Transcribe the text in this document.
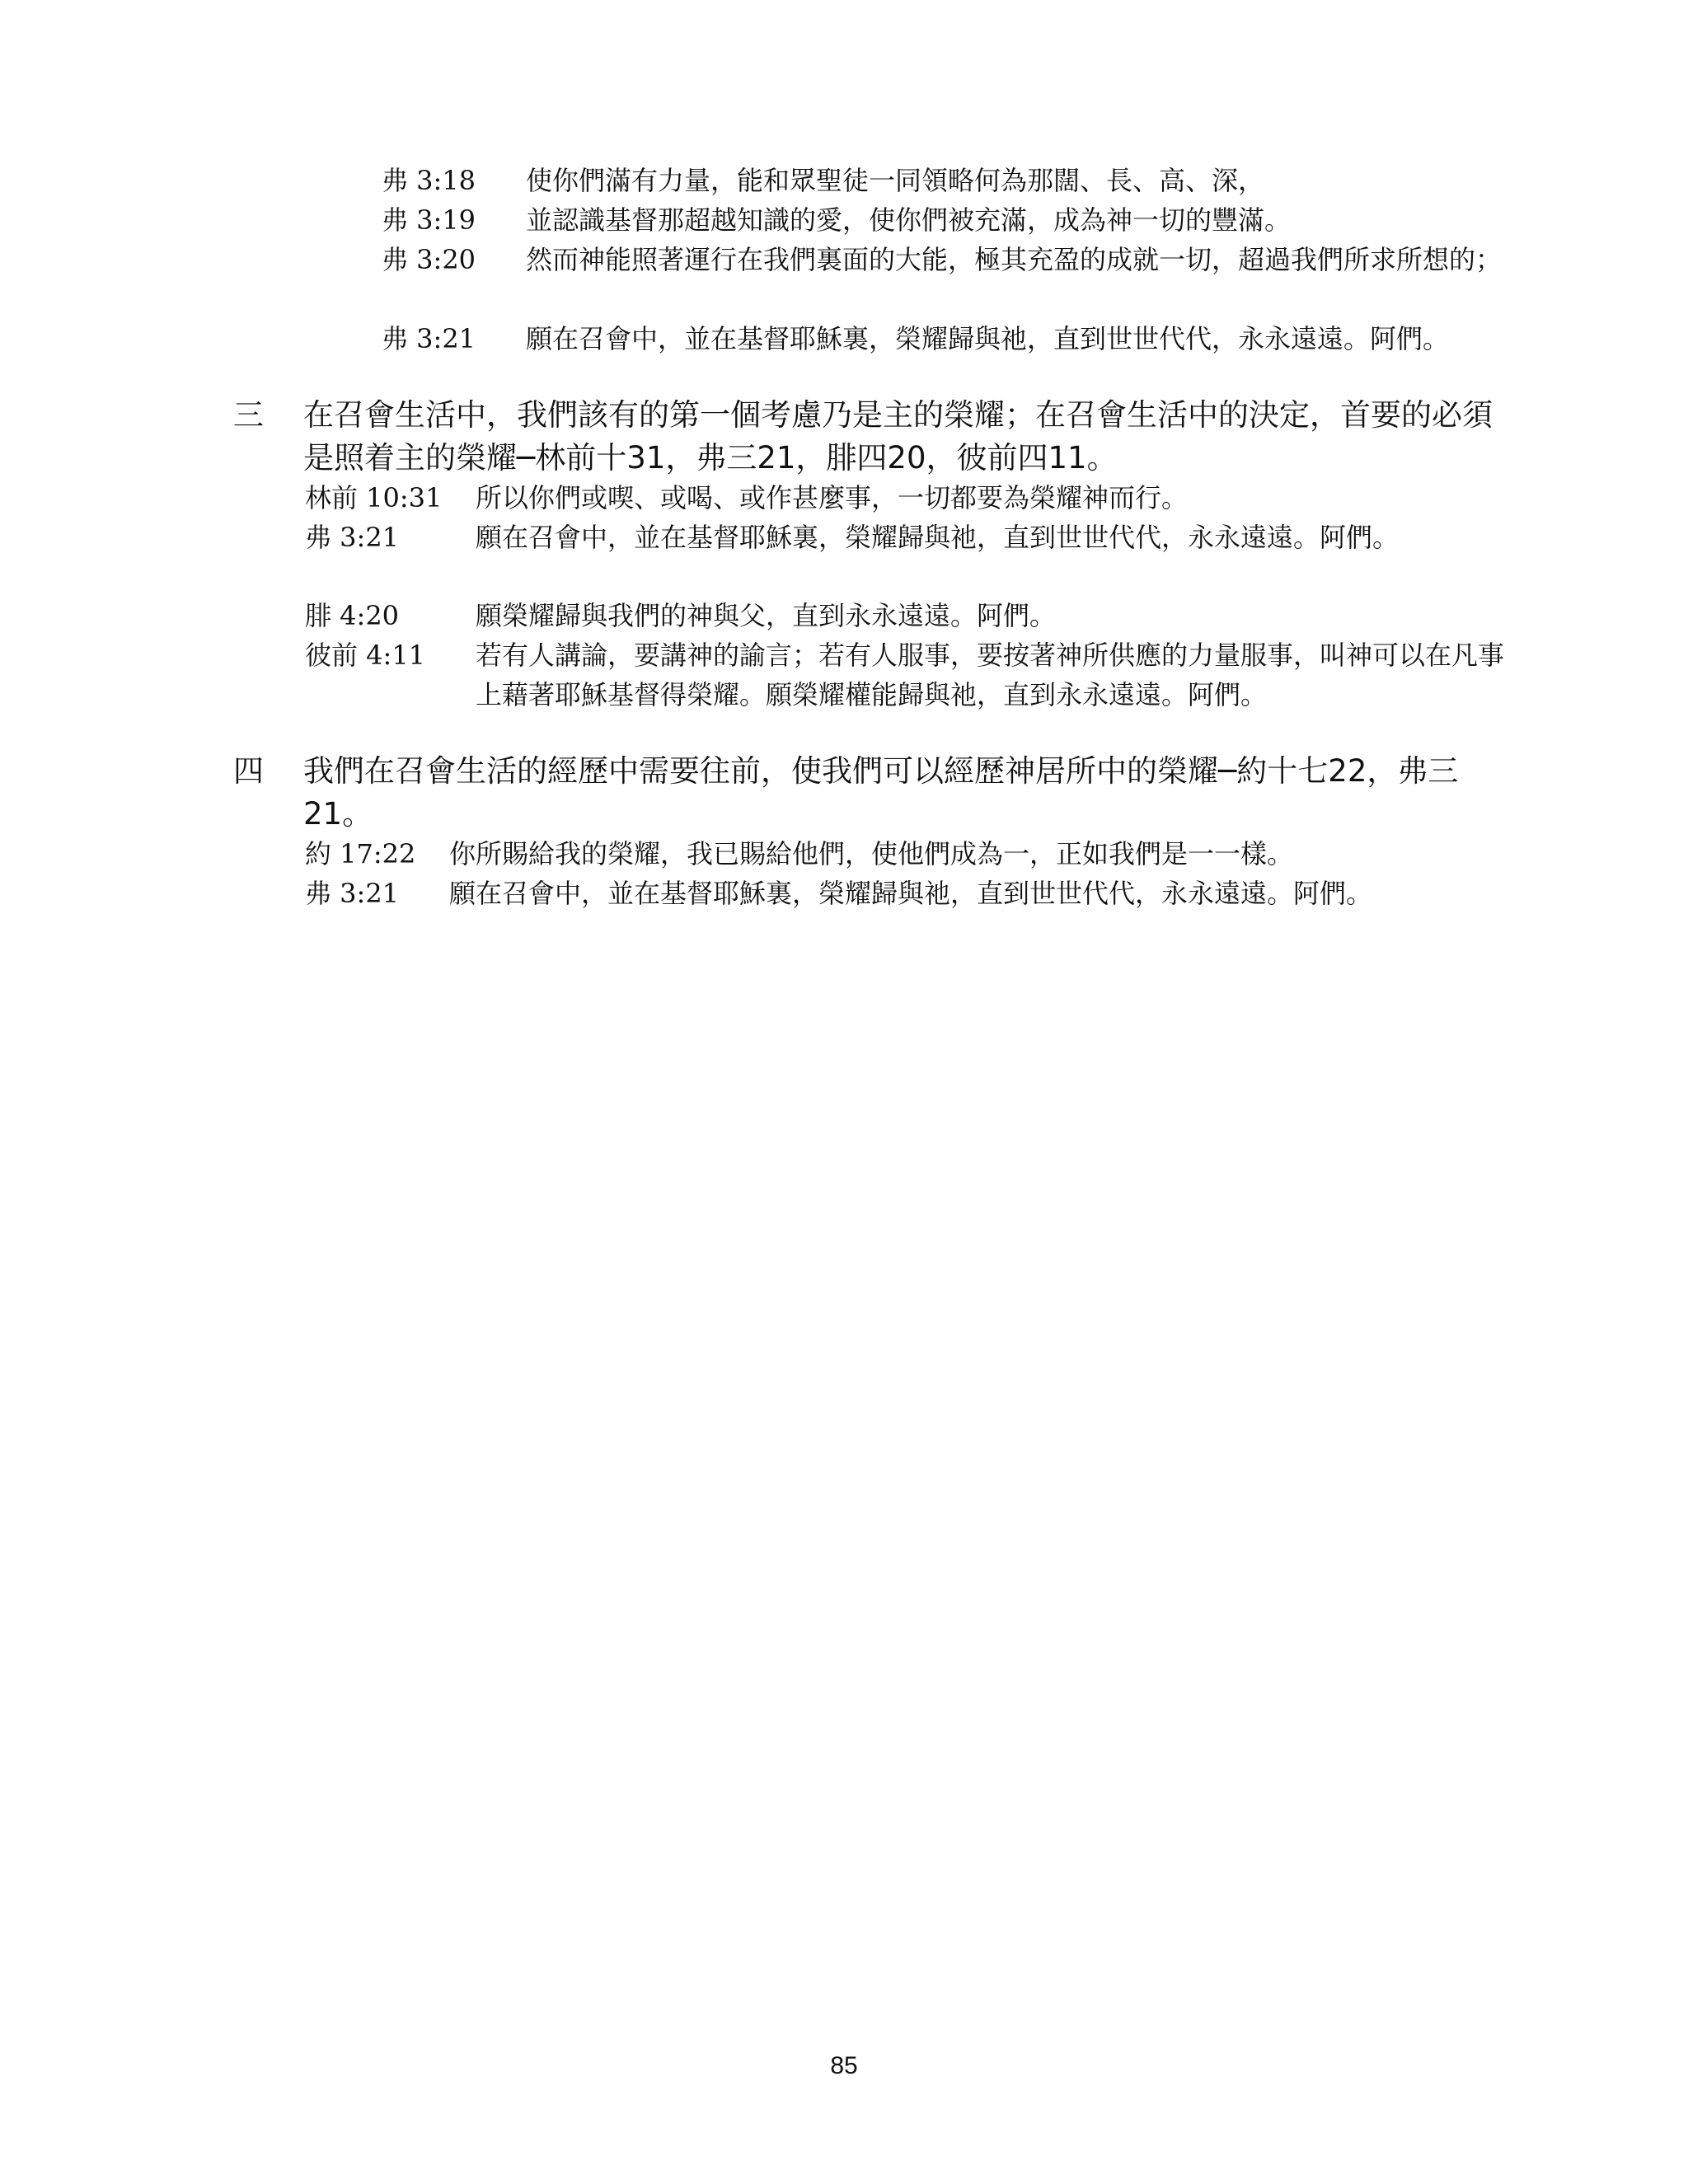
弗 3:18 使你們滿有力量，能和眾聖徒一同領略何為那闊、長、高、深，
弗 3:19 並認識基督那超越知識的愛，使你們被充滿，成為神一切的豐滿。
弗 3:20 然而神能照著運行在我們裏面的大能，極其充盈的成就一切，超過我們所求所想的；
弗 3:21 願在召會中，並在基督耶穌裏，榮耀歸與祂，直到世世代代，永永遠遠。阿們。
三 在召會生活中，我們該有的第一個考慮乃是主的榮耀；在召會生活中的決定，首要的必須是照着主的榮耀─林前十31，弗三21，腓四20，彼前四11。
林前 10:31 所以你們或喫、或喝、或作甚麼事，一切都要為榮耀神而行。
弗 3:21	願在召會中，並在基督耶穌裏，榮耀歸與祂，直到世世代代，永永遠遠。阿們。
腓 4:20	願榮耀歸與我們的神與父，直到永永遠遠。阿們。
彼前 4:11 若有人講論，要講神的諭言；若有人服事，要按著神所供應的力量服事，叫神可以在凡事上藉著耶穌基督得榮耀。願榮耀權能歸與祂，直到永永遠遠。阿們。
四 我們在召會生活的經歷中需要往前，使我們可以經歷神居所中的榮耀─約十七22，弗三21。
約 17:22 你所賜給我的榮耀，我已賜給他們，使他們成為一，正如我們是一一樣。
弗 3:21 願在召會中，並在基督耶穌裏，榮耀歸與祂，直到世世代代，永永遠遠。阿們。
85
